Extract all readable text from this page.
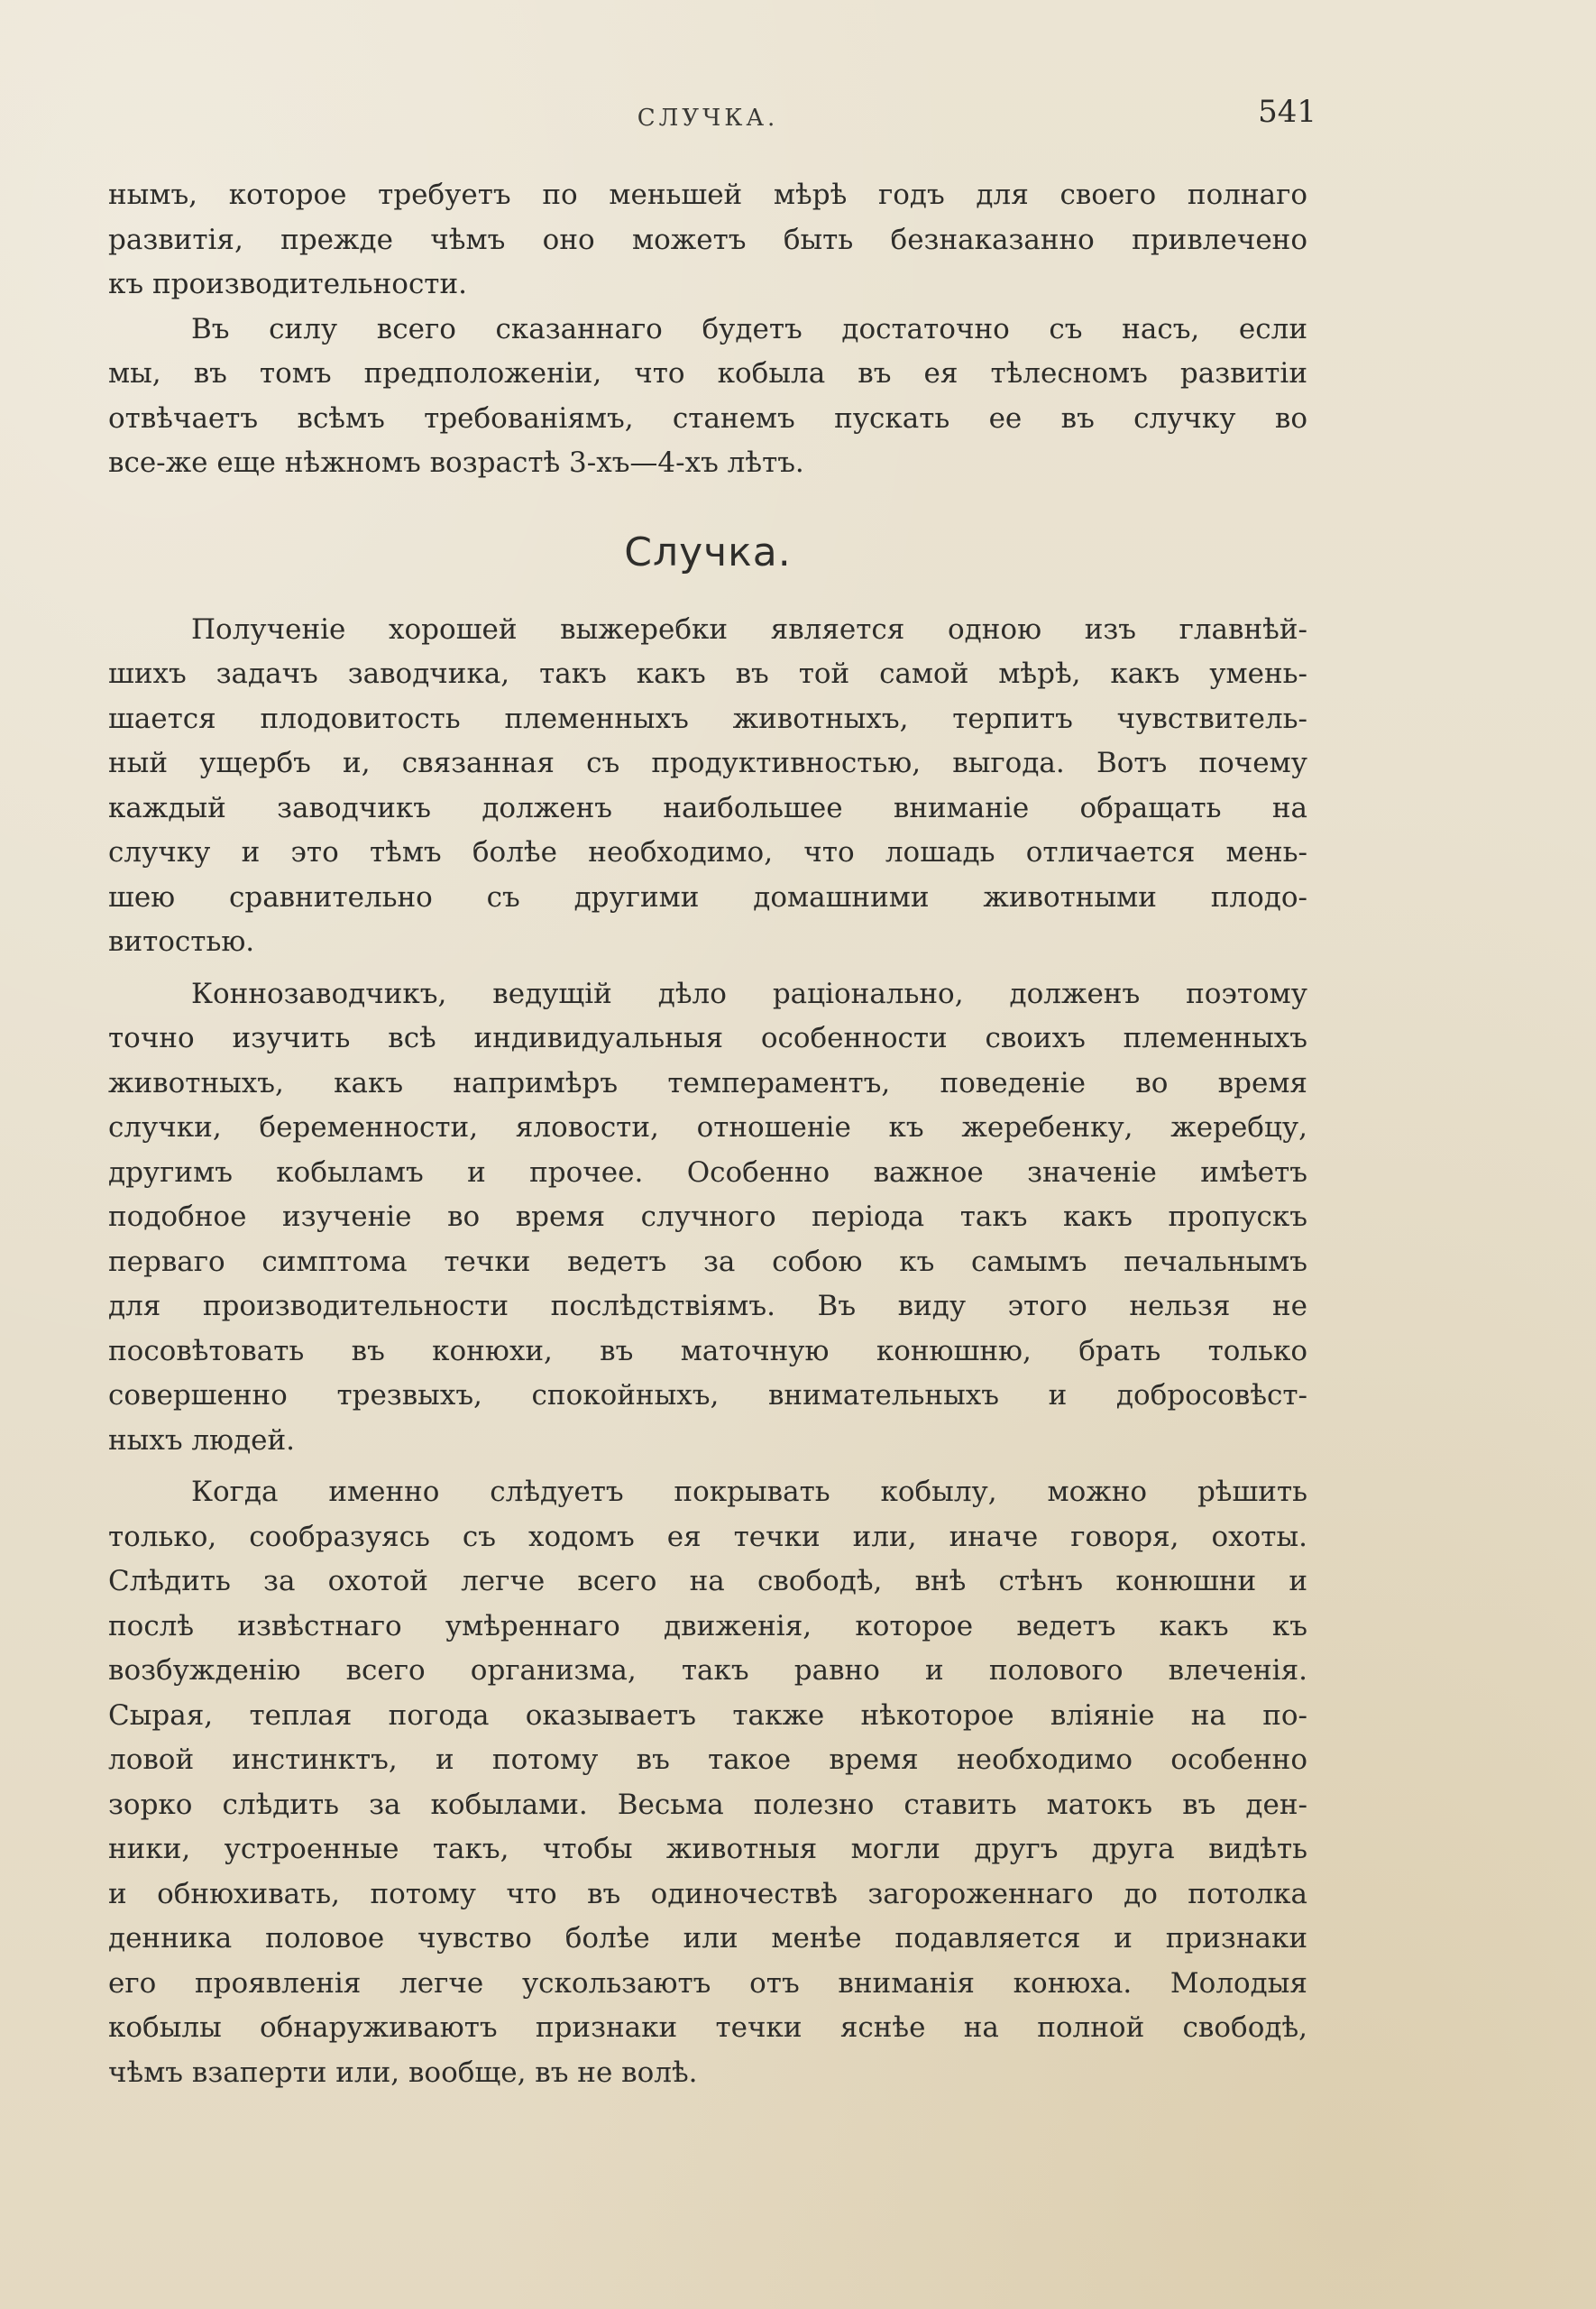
СЛУЧКА.	541

нымъ, которое требуетъ по меньшей мѣрѣ годъ для своего полнаго
развитія, прежде чѣмъ оно можетъ быть безнаказанно привлечено
къ производительности.

Въ силу всего сказаннаго будетъ достаточно съ насъ, если
мы, въ томъ предположеніи, что кобыла въ ея тѣлесномъ развитіи
отвѣчаетъ всѣмъ требованіямъ, станемъ пускать ее въ случку во
все-же еще нѣжномъ возрастѣ 3-хъ—4-хъ лѣтъ.

Случка.

Полученіе хорошей выжеребки является одною изъ главнѣй-
шихъ задачъ заводчика, такъ какъ въ той самой мѣрѣ, какъ умень-
шается плодовитость племенныхъ животныхъ, терпитъ чувствитель-
ный ущербъ и, связанная съ продуктивностью, выгода. Вотъ почему
каждый заводчикъ долженъ наибольшее вниманіе обращать на
случку и это тѣмъ болѣе необходимо, что лошадь отличается мень-
шею сравнительно съ другими домашними животными плодо-
витостью.

Коннозаводчикъ, ведущій дѣло раціонально, долженъ поэтому
точно изучить всѣ индивидуальныя особенности своихъ племенныхъ
животныхъ, какъ напримѣръ темпераментъ, поведеніе во время
случки, беременности, яловости, отношеніе къ жеребенку, жеребцу,
другимъ кобыламъ и прочее. Особенно важное значеніе имѣетъ
подобное изученіе во время случного періода такъ какъ пропускъ
перваго симптома течки ведетъ за собою къ самымъ печальнымъ
для производительности послѣдствіямъ. Въ виду этого нельзя не
посовѣтовать въ конюхи, въ маточную конюшню, брать только
совершенно трезвыхъ, спокойныхъ, внимательныхъ и добросовѣст-
ныхъ людей.

Когда именно слѣдуетъ покрывать кобылу, можно рѣшить
только, сообразуясь съ ходомъ ея течки или, иначе говоря, охоты.
Слѣдить за охотой легче всего на свободѣ, внѣ стѣнъ конюшни и
послѣ извѣстнаго умѣреннаго движенія, которое ведетъ какъ къ
возбужденію всего организма, такъ равно и полового влеченія.
Сырая, теплая погода оказываетъ также нѣкоторое вліяніе на по-
ловой инстинктъ, и потому въ такое время необходимо особенно
зорко слѣдить за кобылами. Весьма полезно ставить матокъ въ ден-
ники, устроенные такъ, чтобы животныя могли другъ друга видѣть
и обнюхивать, потому что въ одиночествѣ загороженнаго до потолка
денника половое чувство болѣе или менѣе подавляется и признаки
его проявленія легче ускользаютъ отъ вниманія конюха. Молодыя
кобылы обнаруживаютъ признаки течки яснѣе на полной свободѣ,
чѣмъ взаперти или, вообще, въ не волѣ.
